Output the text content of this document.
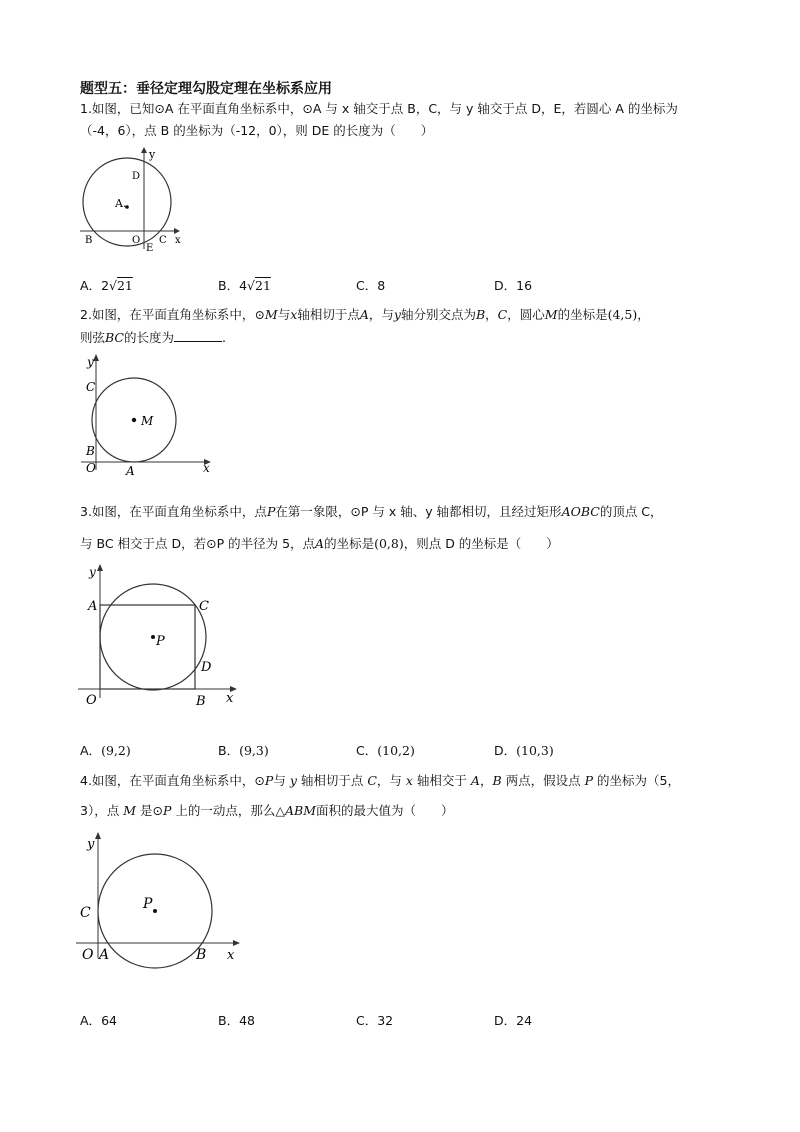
题型五：垂径定理勾股定理在坐标系应用
1.如图，已知⊙A 在平面直角坐标系中，⊙A 与 x 轴交于点 B，C，与 y 轴交于点 D，E，若圆心 A 的坐标为
（-4，6），点 B 的坐标为（-12，0），则 DE 的长度为（　　）
y
D
A.
B	O C x
E
A．2√21	B．4√21	C．8	D．16
2.如图，在平面直角坐标系中，⊙M与x轴相切于点A，与y轴分别交点为B，C，圆心M的坐标是(4,5)，
则弦BC的长度为	.
y
C
M
B
O	A	x
3.如图，在平面直角坐标系中，点P在第一象限，⊙P 与 x 轴、y 轴都相切，且经过矩形AOBC的顶点 C，
与 BC 相交于点 D，若⊙P 的半径为 5，点A的坐标是(0,8)，则点 D 的坐标是（　　）
y
A	C
P
D
O	B x
A．(9,2)	B．(9,3)	C．(10,2)	D．(10,3)
4.如图，在平面直角坐标系中，⊙P与 y 轴相切于点 C，与 x 轴相交于 A，B 两点，假设点 P 的坐标为（5，
3），点 M 是⊙P 上的一动点，那么△ABM面积的最大值为（　　）
y
P
C
O A	B x
A．64	B．48	C．32	D．24
